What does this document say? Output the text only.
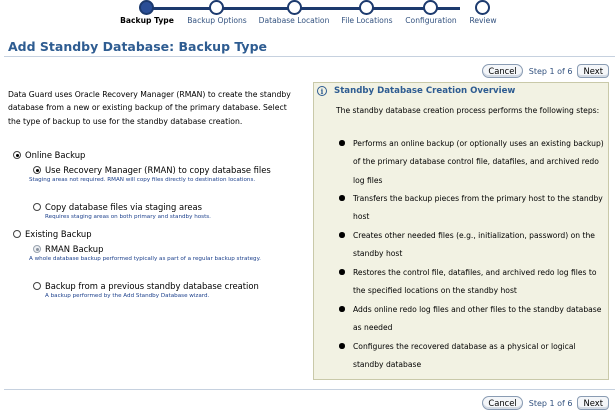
Backup Type Backup Options Database Location File Locations Configuration Review
Add Standby Database: Backup Type
Cancel	Step 1 of 6	Next
Data Guard uses Oracle Recovery Manager (RMAN) to create the standby database from a new or existing backup of the primary database. Select the type of backup to use for the standby database creation.
Online Backup
Use Recovery Manager (RMAN) to copy database files
Staging areas not required. RMAN will copy files directly to destination locations.
Copy database files via staging areas
Requires staging areas on both primary and standby hosts.
Existing Backup
RMAN Backup
A whole database backup performed typically as part of a regular backup strategy.
Backup from a previous standby database creation
A backup performed by the Add Standby Database wizard.
i	Standby Database Creation Overview
The standby database creation process performs the following steps:
Performs an online backup (or optionally uses an existing backup) of the primary database control file, datafiles, and archived redo log files
Transfers the backup pieces from the primary host to the standby host
Creates other needed files (e.g., initialization, password) on the standby host
Restores the control file, datafiles, and archived redo log files to the specified locations on the standby host
Adds online redo log files and other files to the standby database as needed
Configures the recovered database as a physical or logical standby database
Cancel	Step 1 of 6	Next
